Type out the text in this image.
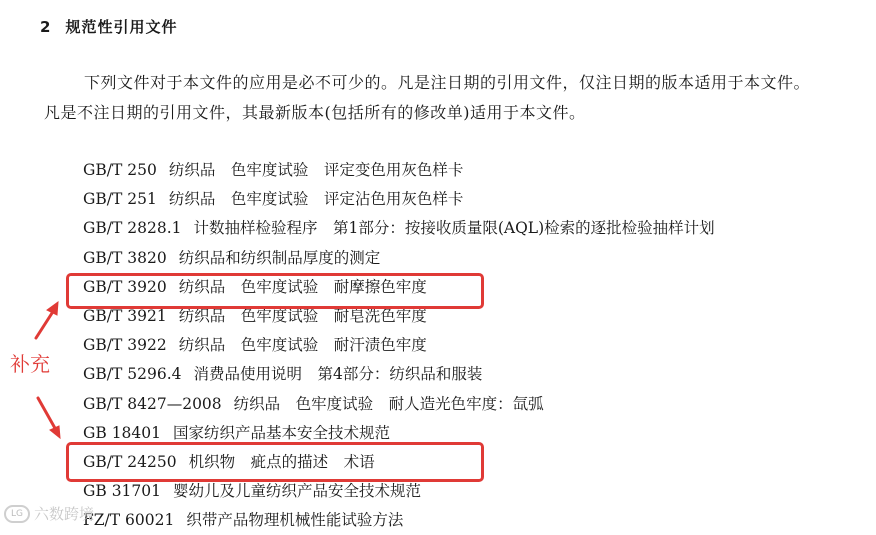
2 规范性引用文件

下列文件对于本文件的应用是必不可少的。凡是注日期的引用文件，仅注日期的版本适用于本文件。凡是不注日期的引用文件，其最新版本(包括所有的修改单)适用于本文件。

GB/T 250 纺织品　色牢度试验　评定变色用灰色样卡
GB/T 251 纺织品　色牢度试验　评定沾色用灰色样卡
GB/T 2828.1 计数抽样检验程序　第1部分：按接收质量限(AQL)检索的逐批检验抽样计划
GB/T 3820 纺织品和纺织制品厚度的测定
GB/T 3920 纺织品　色牢度试验　耐摩擦色牢度
GB/T 3921 纺织品　色牢度试验　耐皂洗色牢度
GB/T 3922 纺织品　色牢度试验　耐汗渍色牢度
GB/T 5296.4 消费品使用说明　第4部分：纺织品和服装
GB/T 8427—2008 纺织品　色牢度试验　耐人造光色牢度：氙弧
GB 18401 国家纺织产品基本安全技术规范
GB/T 24250 机织物　疵点的描述　术语
GB 31701 婴幼儿及儿童纺织产品安全技术规范
FZ/T 60021 织带产品物理机械性能试验方法
补充
LG 六数跨境
